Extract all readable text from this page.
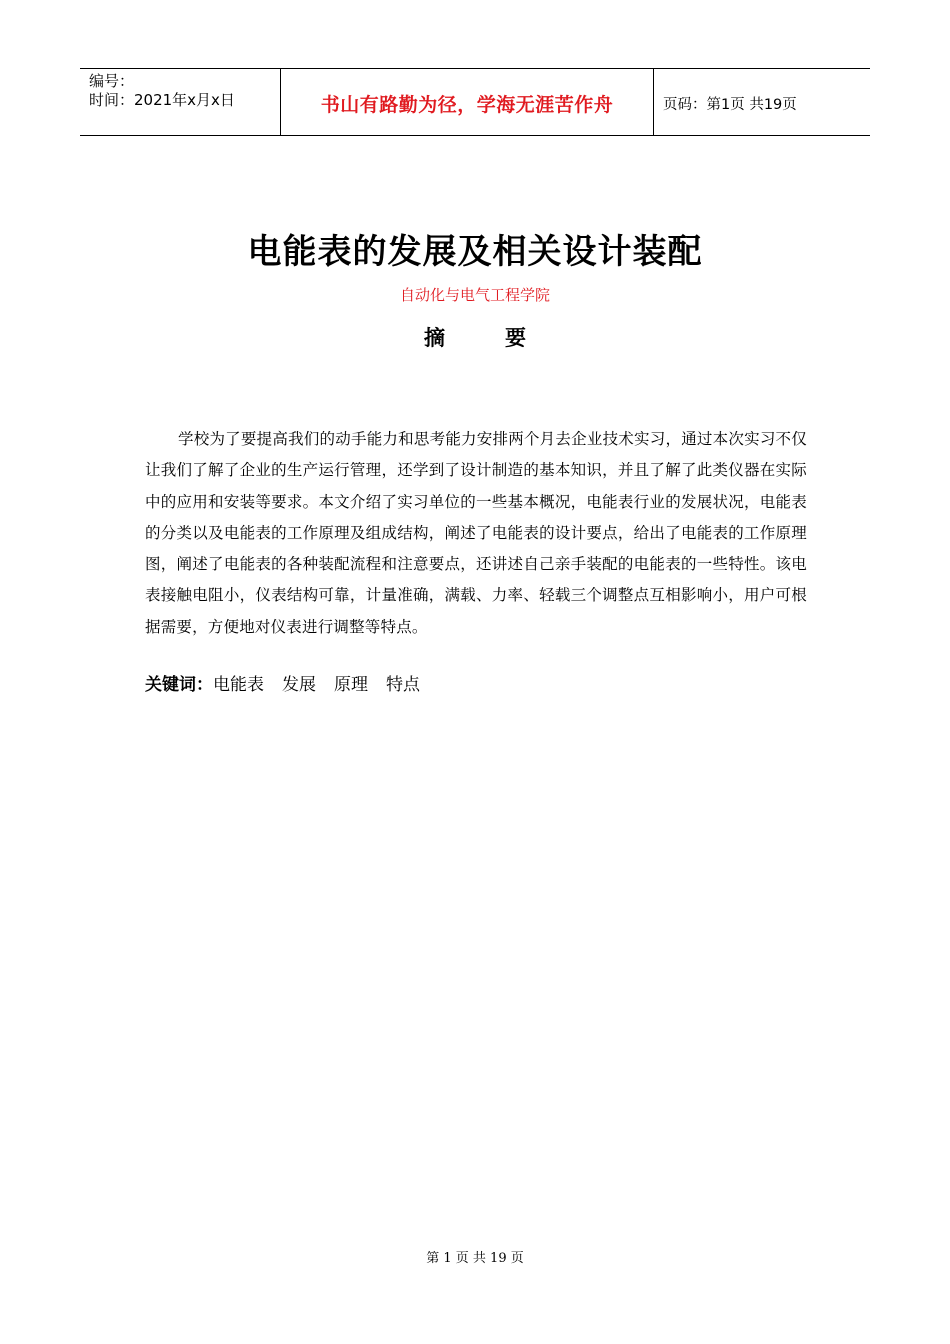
编号：
时间：2021年x月x日	书山有路勤为径，学海无涯苦作舟	页码：第1页 共19页
电能表的发展及相关设计装配
自动化与电气工程学院
摘	要
学校为了要提高我们的动手能力和思考能力安排两个月去企业技术实习，通过本次实习不仅让我们了解了企业的生产运行管理，还学到了设计制造的基本知识，并且了解了此类仪器在实际中的应用和安装等要求。本文介绍了实习单位的一些基本概况，电能表行业的发展状况，电能表的分类以及电能表的工作原理及组成结构，阐述了电能表的设计要点，给出了电能表的工作原理图，阐述了电能表的各种装配流程和注意要点，还讲述自己亲手装配的电能表的一些特性。该电表接触电阻小，仪表结构可靠，计量准确，满载、力率、轻载三个调整点互相影响小，用户可根据需要，方便地对仪表进行调整等特点。
关键词：电能表 发展 原理 特点
第 1 页 共 19 页
